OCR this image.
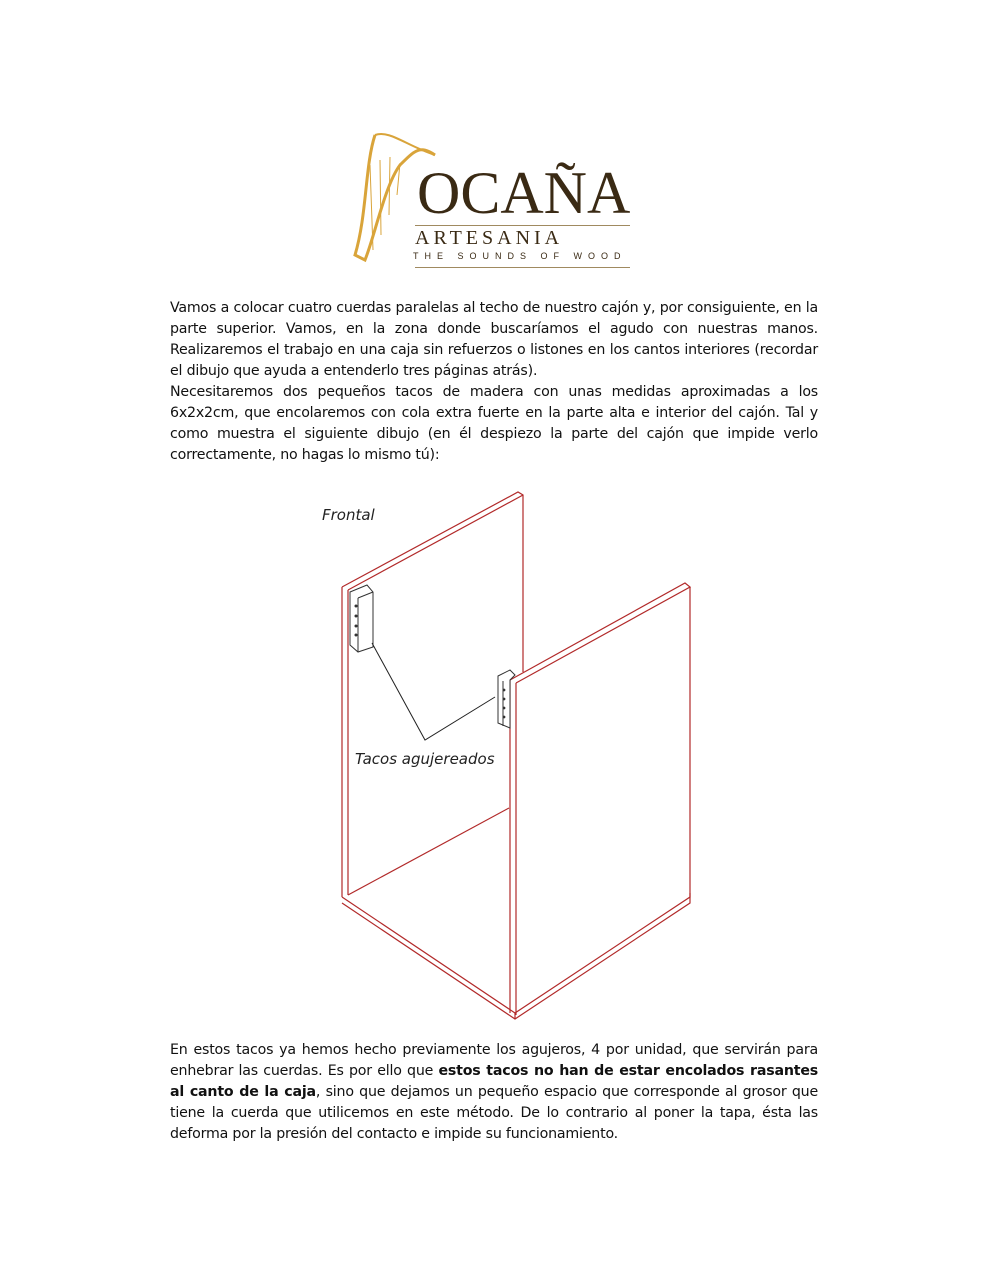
OCAÑA
ARTESANIA
THE SOUNDS OF WOOD

Vamos a colocar cuatro cuerdas paralelas al techo de nuestro cajón y, por consiguiente, en la parte superior. Vamos, en la zona donde buscaríamos el agudo con nuestras manos. Realizaremos el trabajo en una caja sin refuerzos o listones en los cantos interiores (recordar el dibujo que ayuda a entenderlo tres páginas atrás).

Necesitaremos dos pequeños tacos de madera con unas medidas aproximadas a los 6x2x2cm, que encolaremos con cola extra fuerte en la parte alta e interior del cajón. Tal y como muestra el siguiente dibujo (en él despiezo la parte del cajón que impide verlo correctamente, no hagas lo mismo tú):

Frontal
Tacos agujereados

En estos tacos ya hemos hecho previamente los agujeros, 4 por unidad, que servirán para enhebrar las cuerdas. Es por ello que estos tacos no han de estar encolados rasantes al canto de la caja, sino que dejamos un pequeño espacio que corresponde al grosor que tiene la cuerda que utilicemos en este método. De lo contrario al poner la tapa, ésta las deforma por la presión del contacto e impide su funcionamiento.
